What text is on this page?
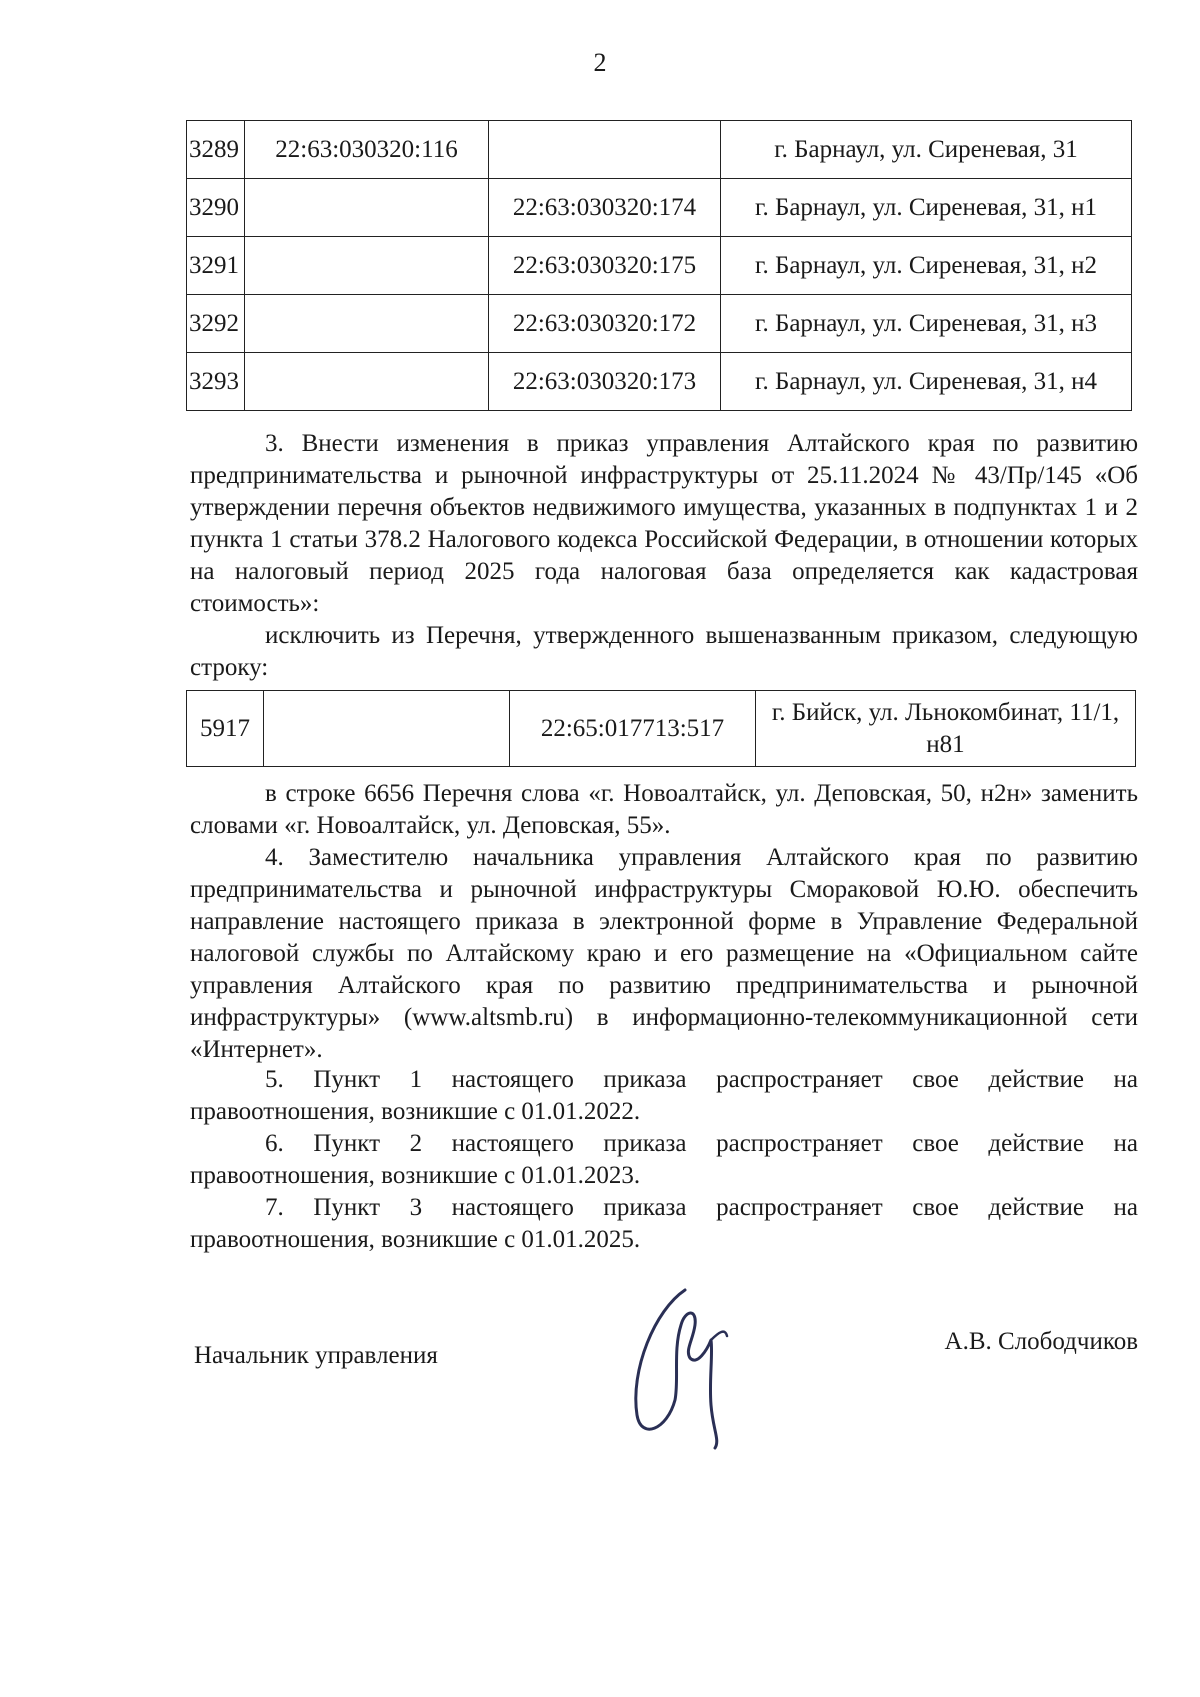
2
3289	22:63:030320:116		г. Барнаул, ул. Сиреневая, 31
3290		22:63:030320:174	г. Барнаул, ул. Сиреневая, 31, н1
3291		22:63:030320:175	г. Барнаул, ул. Сиреневая, 31, н2
3292		22:63:030320:172	г. Барнаул, ул. Сиреневая, 31, н3
3293		22:63:030320:173	г. Барнаул, ул. Сиреневая, 31, н4

3. Внести изменения в приказ управления Алтайского края по развитию предпринимательства и рыночной инфраструктуры от 25.11.2024 № 43/Пр/145 «Об утверждении перечня объектов недвижимого имущества, указанных в подпунктах 1 и 2 пункта 1 статьи 378.2 Налогового кодекса Российской Федерации, в отношении которых на налоговый период 2025 года налоговая база определяется как кадастровая стоимость»:

исключить из Перечня, утвержденного вышеназванным приказом, следующую строку:

5917		22:65:017713:517	г. Бийск, ул. Льнокомбинат, 11/1, н81

в строке 6656 Перечня слова «г. Новоалтайск, ул. Деповская, 50, н2н» заменить словами «г. Новоалтайск, ул. Деповская, 55».

4. Заместителю начальника управления Алтайского края по развитию предпринимательства и рыночной инфраструктуры Смораковой Ю.Ю. обеспечить направление настоящего приказа в электронной форме в Управление Федеральной налоговой службы по Алтайскому краю и его размещение на «Официальном сайте управления Алтайского края по развитию предпринимательства и рыночной инфраструктуры» (www.altsmb.ru) в информационно-телекоммуникационной сети «Интернет».

5. Пункт 1 настоящего приказа распространяет свое действие на правоотношения, возникшие с 01.01.2022.

6. Пункт 2 настоящего приказа распространяет свое действие на правоотношения, возникшие с 01.01.2023.

7. Пункт 3 настоящего приказа распространяет свое действие на правоотношения, возникшие с 01.01.2025.

Начальник управления
А.В. Слободчиков
